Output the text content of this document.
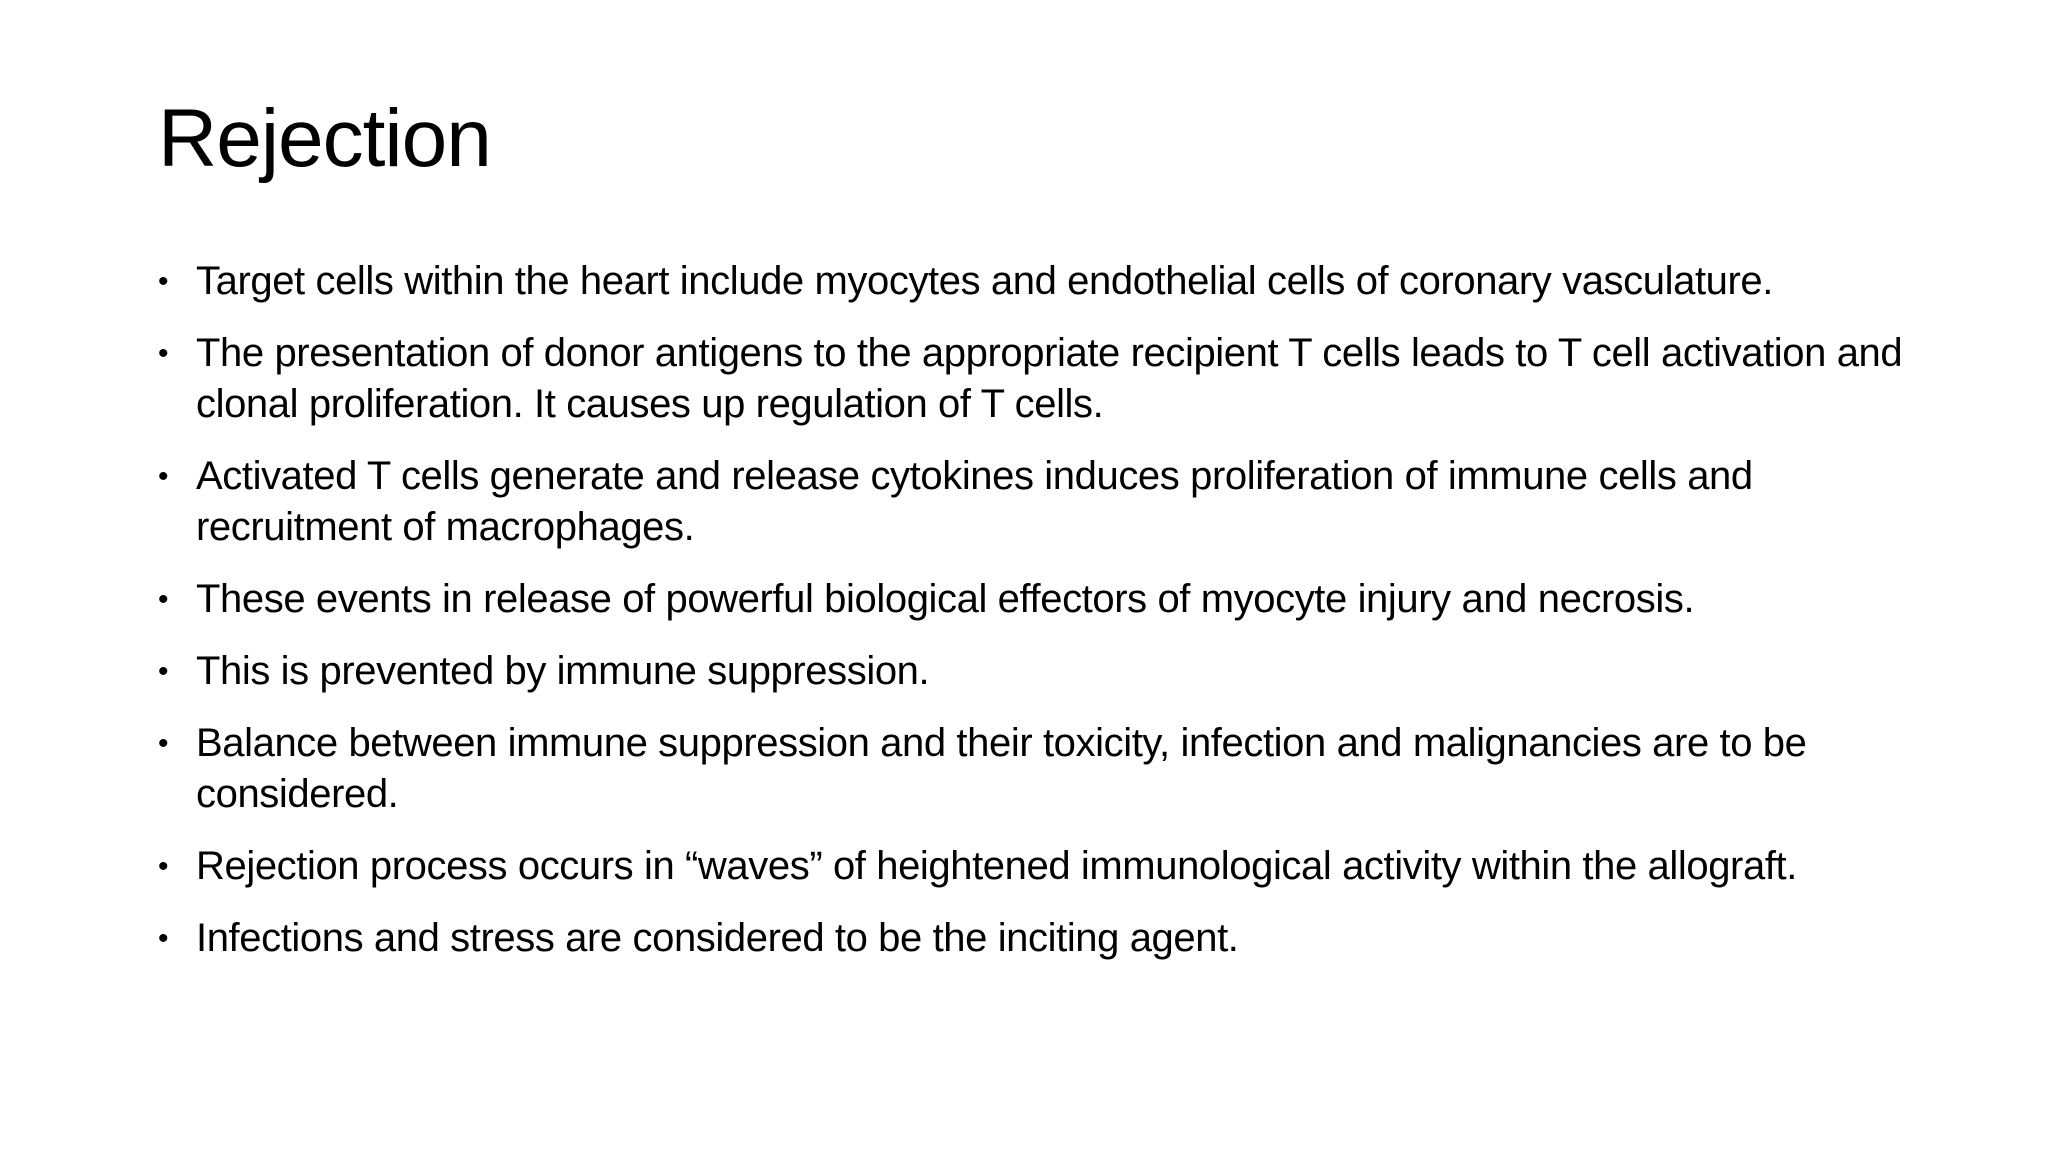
Rejection
• Target cells within the heart include myocytes and endothelial cells of coronary vasculature.
• The presentation of donor antigens to the appropriate recipient T cells leads to T cell activation and clonal proliferation. It causes up regulation of T cells.
• Activated T cells generate and release cytokines induces proliferation of immune cells and recruitment of macrophages.
• These events in release of powerful biological effectors of myocyte injury and necrosis.
• This is prevented by immune suppression.
• Balance between immune suppression and their toxicity, infection and malignancies are to be considered.
• Rejection process occurs in “waves” of heightened immunological activity within the allograft.
• Infections and stress are considered to be the inciting agent.
